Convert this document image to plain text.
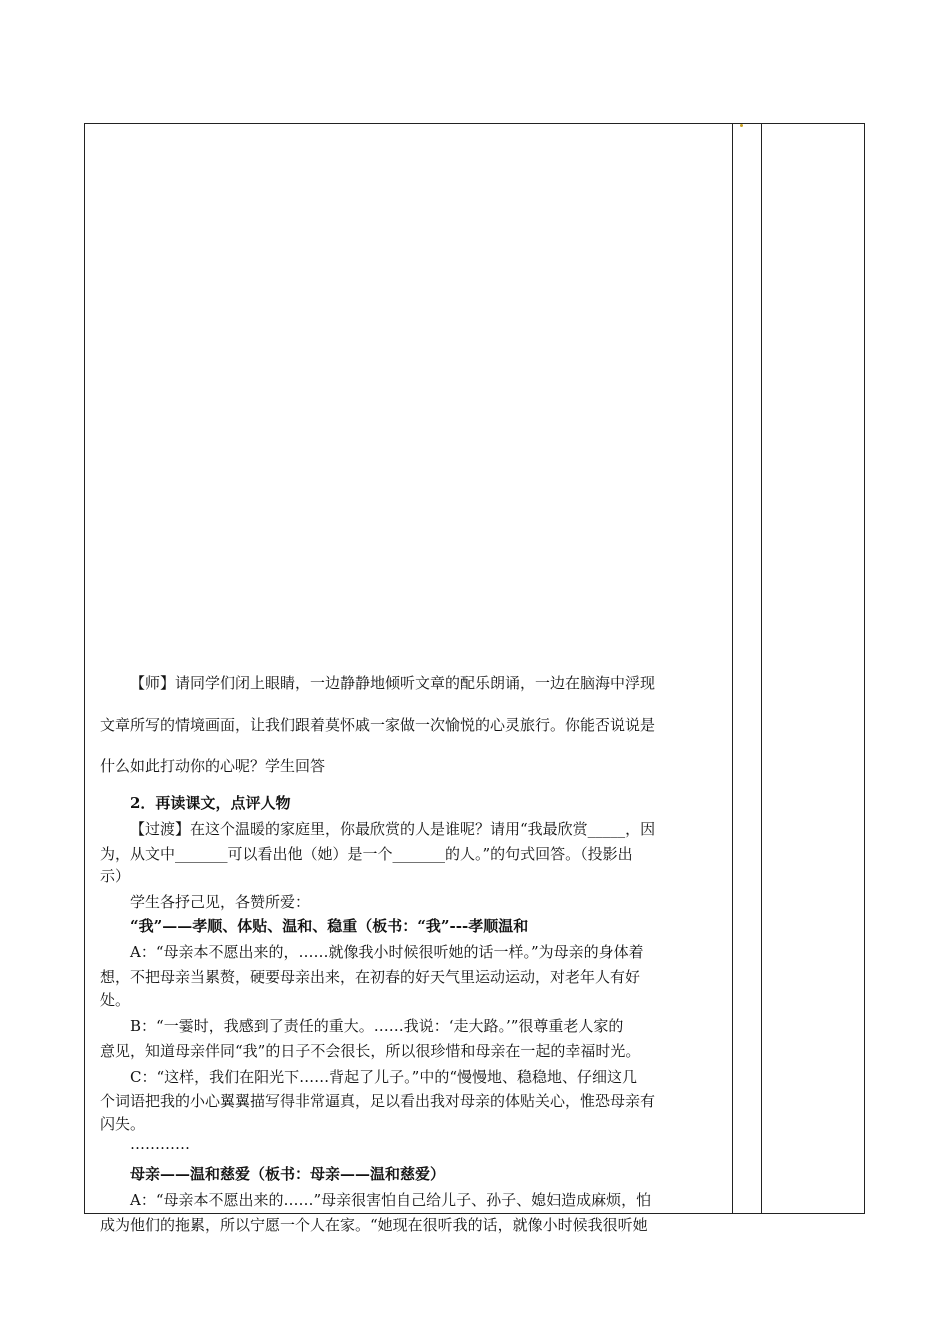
【师】请同学们闭上眼睛，一边静静地倾听文章的配乐朗诵，一边在脑海中浮现

文章所写的情境画面，让我们跟着莫怀戚一家做一次愉悦的心灵旅行。你能否说说是

什么如此打动你的心呢？学生回答

2．再读课文，点评人物

【过渡】在这个温暖的家庭里，你最欣赏的人是谁呢？请用“我最欣赏_____，因

为，从文中_______可以看出他（她）是一个_______的人。”的句式回答。（投影出

示）

学生各抒己见，各赞所爱：

“我”——孝顺、体贴、温和、稳重（板书：“我”---孝顺温和

A：“母亲本不愿出来的，……就像我小时候很听她的话一样。”为母亲的身体着

想，不把母亲当累赘，硬要母亲出来，在初春的好天气里运动运动，对老年人有好

处。

B：“一霎时，我感到了责任的重大。……我说：‘走大路。’”很尊重老人家的

意见，知道母亲伴同“我”的日子不会很长，所以很珍惜和母亲在一起的幸福时光。

C：“这样，我们在阳光下……背起了儿子。”中的“慢慢地、稳稳地、仔细这几

个词语把我的小心翼翼描写得非常逼真，足以看出我对母亲的体贴关心，惟恐母亲有

闪失。

…………

母亲——温和慈爱（板书：母亲——温和慈爱）

A：“母亲本不愿出来的……”母亲很害怕自己给儿子、孙子、媳妇造成麻烦，怕

成为他们的拖累，所以宁愿一个人在家。“她现在很听我的话，就像小时候我很听她
